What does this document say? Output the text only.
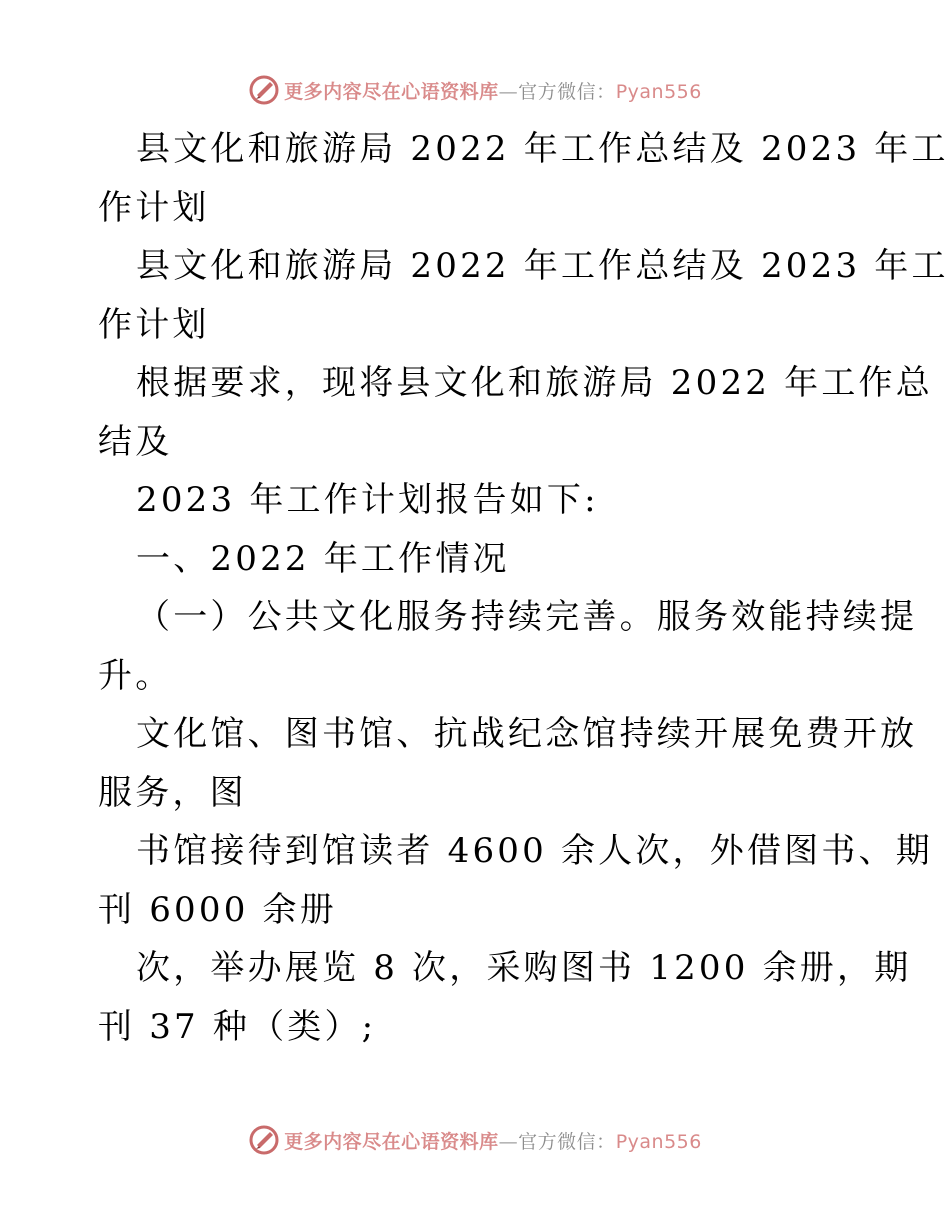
更多内容尽在心语资料库—官方微信：Pyan556
县文化和旅游局 2022 年工作总结及 2023 年工
作计划
县文化和旅游局 2022 年工作总结及 2023 年工
作计划
根据要求，现将县文化和旅游局 2022 年工作总
结及
2023 年工作计划报告如下:
一、2022 年工作情况
（一）公共文化服务持续完善。服务效能持续提
升。
文化馆、图书馆、抗战纪念馆持续开展免费开放
服务，图
书馆接待到馆读者 4600 余人次，外借图书、期
刊 6000 余册
次，举办展览 8 次，采购图书 1200 余册，期
刊 37 种（类）;
更多内容尽在心语资料库—官方微信：Pyan556
